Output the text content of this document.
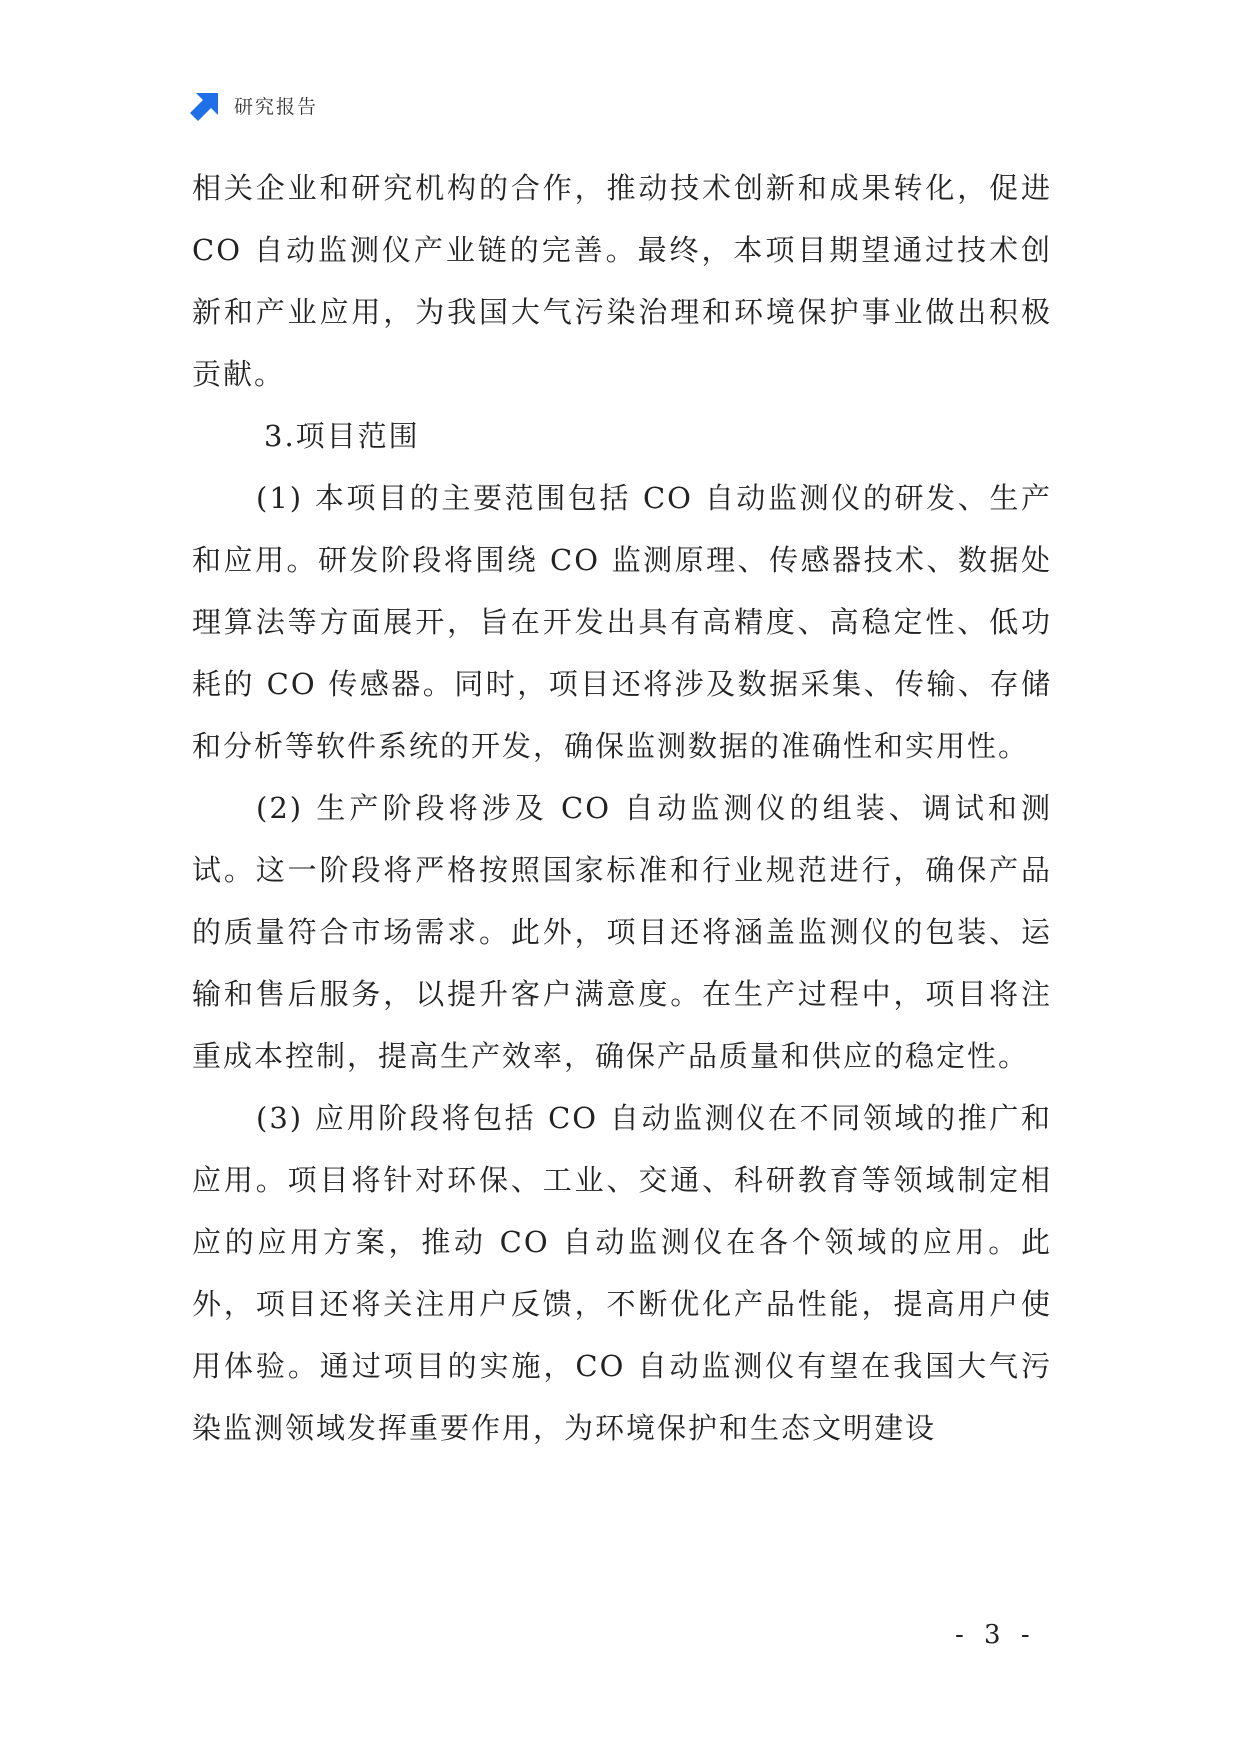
研究报告

相关企业和研究机构的合作，推动技术创新和成果转化，促进 CO 自动监测仪产业链的完善。最终，本项目期望通过技术创新和产业应用，为我国大气污染治理和环境保护事业做出积极贡献。

3.项目范围

(1) 本项目的主要范围包括 CO 自动监测仪的研发、生产和应用。研发阶段将围绕 CO 监测原理、传感器技术、数据处理算法等方面展开，旨在开发出具有高精度、高稳定性、低功耗的 CO 传感器。同时，项目还将涉及数据采集、传输、存储和分析等软件系统的开发，确保监测数据的准确性和实用性。

(2) 生产阶段将涉及 CO 自动监测仪的组装、调试和测试。这一阶段将严格按照国家标准和行业规范进行，确保产品的质量符合市场需求。此外，项目还将涵盖监测仪的包装、运输和售后服务，以提升客户满意度。在生产过程中，项目将注重成本控制，提高生产效率，确保产品质量和供应的稳定性。

(3) 应用阶段将包括 CO 自动监测仪在不同领域的推广和应用。项目将针对环保、工业、交通、科研教育等领域制定相应的应用方案，推动 CO 自动监测仪在各个领域的应用。此外，项目还将关注用户反馈，不断优化产品性能，提高用户使用体验。通过项目的实施，CO 自动监测仪有望在我国大气污染监测领域发挥重要作用，为环境保护和生态文明建设

- 3 -
